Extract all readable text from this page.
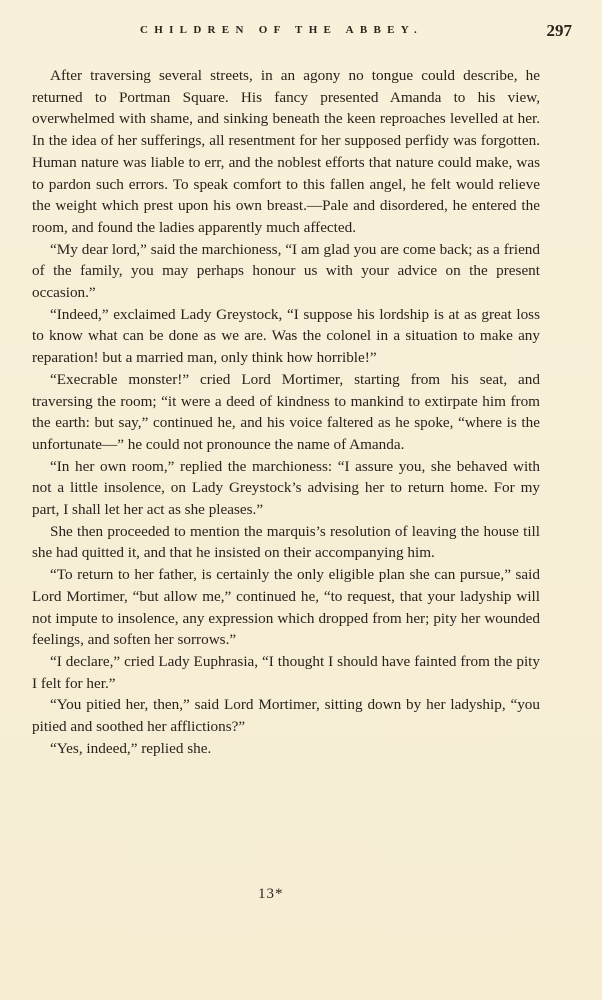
CHILDREN OF THE ABBEY.	297

After traversing several streets, in an agony no tongue could describe, he returned to Portman Square. His fancy presented Amanda to his view, overwhelmed with shame, and sinking beneath the keen reproaches levelled at her. In the idea of her sufferings, all resentment for her supposed perfidy was forgotten. Human nature was liable to err, and the noblest efforts that nature could make, was to pardon such errors. To speak comfort to this fallen angel, he felt would relieve the weight which prest upon his own breast.—Pale and disordered, he entered the room, and found the ladies apparently much affected.

“My dear lord,” said the marchioness, “I am glad you are come back; as a friend of the family, you may perhaps honour us with your advice on the present occasion.”

“Indeed,” exclaimed Lady Greystock, “I suppose his lordship is at as great loss to know what can be done as we are. Was the colonel in a situation to make any reparation! but a married man, only think how horrible!”

“Execrable monster!” cried Lord Mortimer, starting from his seat, and traversing the room; “it were a deed of kindness to mankind to extirpate him from the earth: but say,” continued he, and his voice faltered as he spoke, “where is the unfortunate—” he could not pronounce the name of Amanda.

“In her own room,” replied the marchioness: “I assure you, she behaved with not a little insolence, on Lady Greystock’s advising her to return home. For my part, I shall let her act as she pleases.”

She then proceeded to mention the marquis’s resolution of leaving the house till she had quitted it, and that he insisted on their accompanying him.

“To return to her father, is certainly the only eligible plan she can pursue,” said Lord Mortimer, “but allow me,” continued he, “to request, that your ladyship will not impute to insolence, any expression which dropped from her; pity her wounded feelings, and soften her sorrows.”

“I declare,” cried Lady Euphrasia, “I thought I should have fainted from the pity I felt for her.”

“You pitied her, then,” said Lord Mortimer, sitting down by her ladyship, “you pitied and soothed her afflictions?”

“Yes, indeed,” replied she.

13*
